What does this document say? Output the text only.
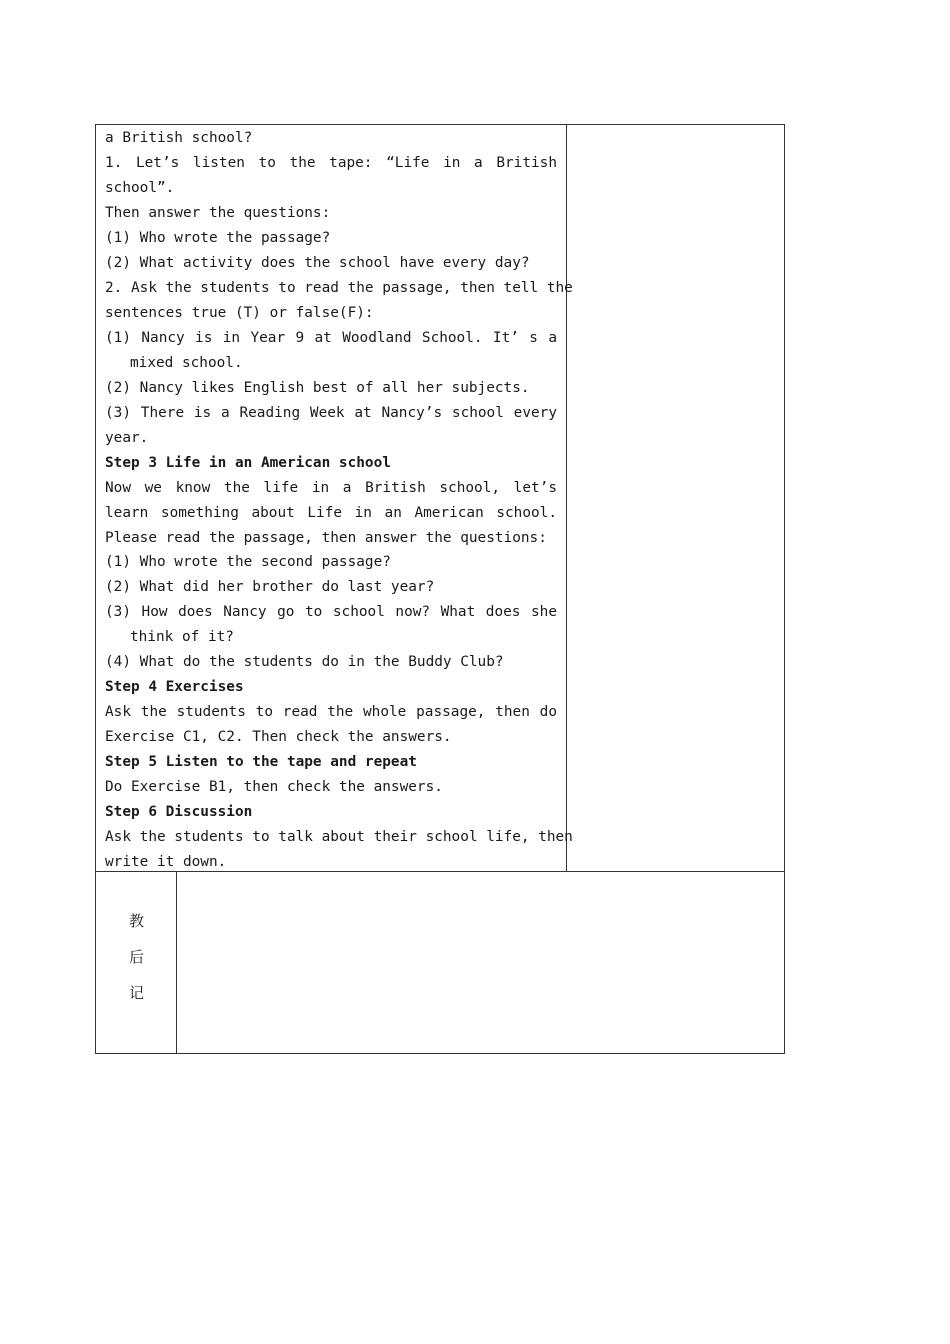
a British school?
1. Let’s listen to the tape: “Life in a British
school”.
Then answer the questions:
(1) Who wrote the passage?
(2) What activity does the school have every day?
2. Ask the students to read the passage, then tell the
sentences true (T) or false(F):
(1) Nancy is in Year 9 at Woodland School. It’ s a
mixed school.
(2) Nancy likes English best of all her subjects.
(3) There is a Reading Week at Nancy’s school every
year.
Step 3 Life in an American school
Now we know the life in a British school, let’s
learn something about Life in an American school.
Please read the passage, then answer the questions:
(1) Who wrote the second passage?
(2) What did her brother do last year?
(3) How does Nancy go to school now? What does she
think of it?
(4) What do the students do in the Buddy Club?
Step 4 Exercises
Ask the students to read the whole passage, then do
Exercise C1, C2. Then check the answers.
Step 5 Listen to the tape and repeat
Do Exercise B1, then check the answers.
Step 6 Discussion
Ask the students to talk about their school life, then
write it down.
教
后
记
